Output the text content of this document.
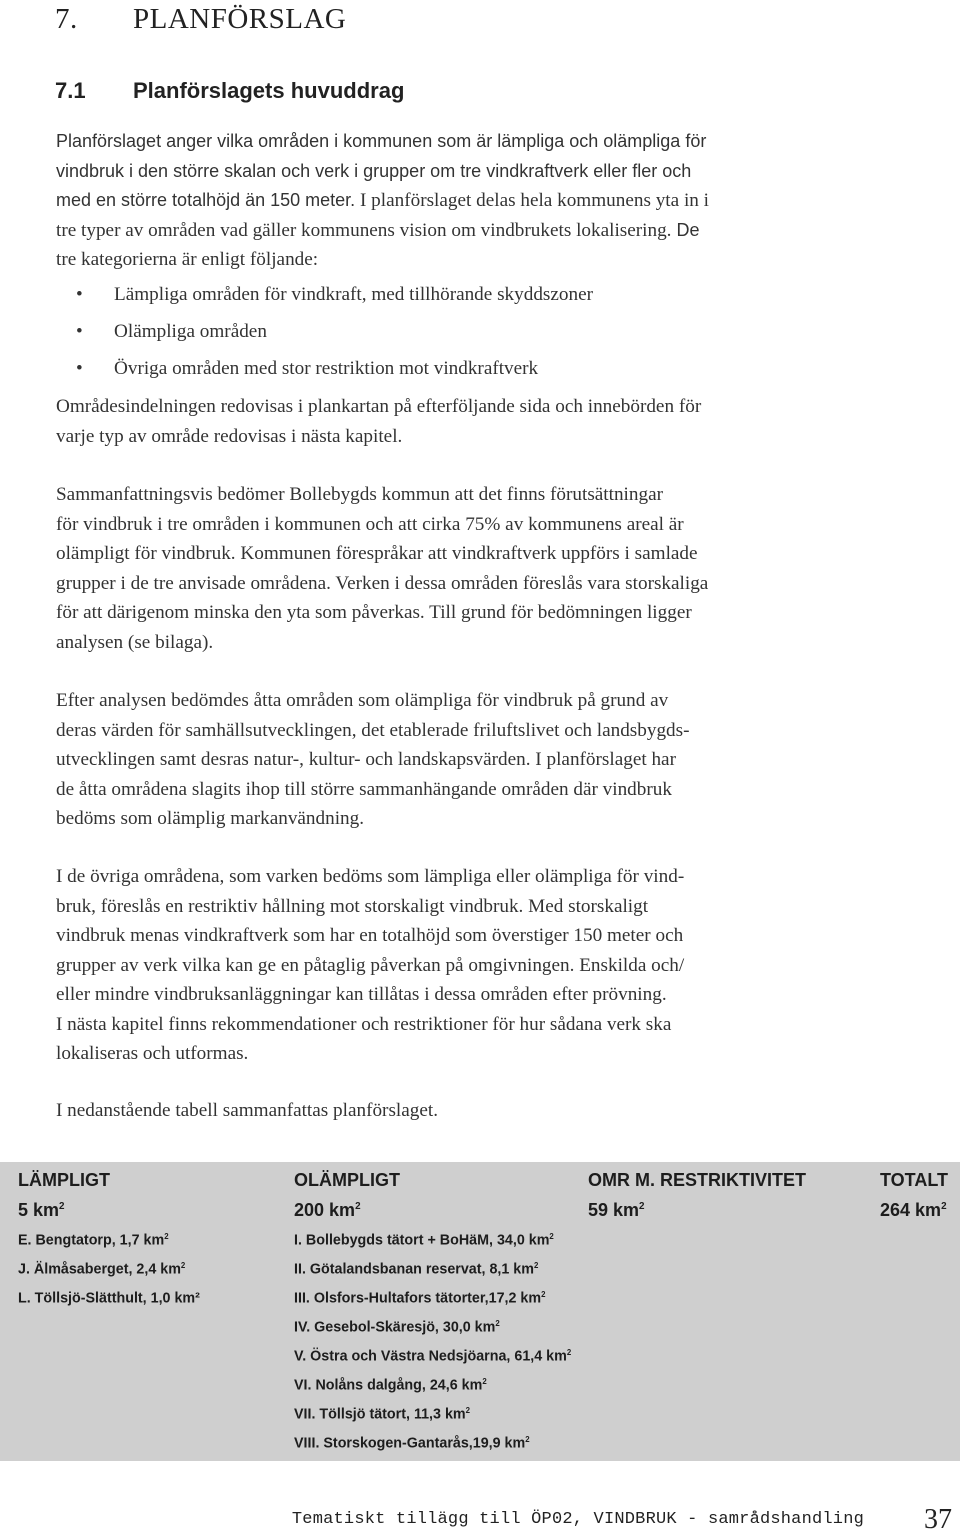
7. PLANFÖRSLAG
7.1 Planförslagets huvuddrag
Planförslaget anger vilka områden i kommunen som är lämpliga och olämpliga för
vindbruk i den större skalan och verk i grupper om tre vindkraftverk eller fler och
med en större totalhöjd än 150 meter. I planförslaget delas hela kommunens yta in i
tre typer av områden vad gäller kommunens vision om vindbrukets lokalisering. De
tre kategorierna är enligt följande:
• Lämpliga områden för vindkraft, med tillhörande skyddszoner
• Olämpliga områden
• Övriga områden med stor restriktion mot vindkraftverk
Områdesindelningen redovisas i plankartan på efterföljande sida och innebörden för
varje typ av område redovisas i nästa kapitel.
Sammanfattningsvis bedömer Bollebygds kommun att det finns förutsättningar
för vindbruk i tre områden i kommunen och att cirka 75% av kommunens areal är
olämpligt för vindbruk. Kommunen förespråkar att vindkraftverk uppförs i samlade
grupper i de tre anvisade områdena. Verken i dessa områden föreslås vara storskaliga
för att därigenom minska den yta som påverkas. Till grund för bedömningen ligger
analysen (se bilaga).
Efter analysen bedömdes åtta områden som olämpliga för vindbruk på grund av
deras värden för samhällsutvecklingen, det etablerade friluftslivet och landsbygds-
utvecklingen samt desras natur-, kultur- och landskapsvärden. I planförslaget har
de åtta områdena slagits ihop till större sammanhängande områden där vindbruk
bedöms som olämplig markanvändning.
I de övriga områdena, som varken bedöms som lämpliga eller olämpliga för vind-
bruk, föreslås en restriktiv hållning mot storskaligt vindbruk. Med storskaligt
vindbruk menas vindkraftverk som har en totalhöjd som överstiger 150 meter och
grupper av verk vilka kan ge en påtaglig påverkan på omgivningen. Enskilda och/
eller mindre vindbruksanläggningar kan tillåtas i dessa områden efter prövning.
I nästa kapitel finns rekommendationer och restriktioner för hur sådana verk ska
lokaliseras och utformas.
I nedanstående tabell sammanfattas planförslaget.
LÄMPLIGT
5 $km^2$
E. Bengtatorp, 1,7 $km^2$
J. Älmåsaberget, 2,4 $km^2$
L. Töllsjö-Slätthult, 1,0 km²
OLÄMPLIGT
200 $km^2$
I. Bollebygds tätort + BoHäM, 34,0 $km^2$
II. Götalandsbanan reservat, 8,1 $km^2$
III. Olsfors-Hultafors tätorter,17,2 $km^2$
IV. Gesebol-Skäresjö, 30,0 $km^2$
V. Östra och Västra Nedsjöarna, 61,4 $km^2$
VI. Nolåns dalgång, 24,6 $km^2$
VII. Töllsjö tätort, 11,3 $km^2$
VIII. Storskogen-Gantarås,19,9 $km^2$
OMR M. RESTRIKTIVITET
59 $km^2$
TOTALT
264 $km^2$
Tematiskt tillägg till ÖP02, VINDBRUK - samrådshandling 37
